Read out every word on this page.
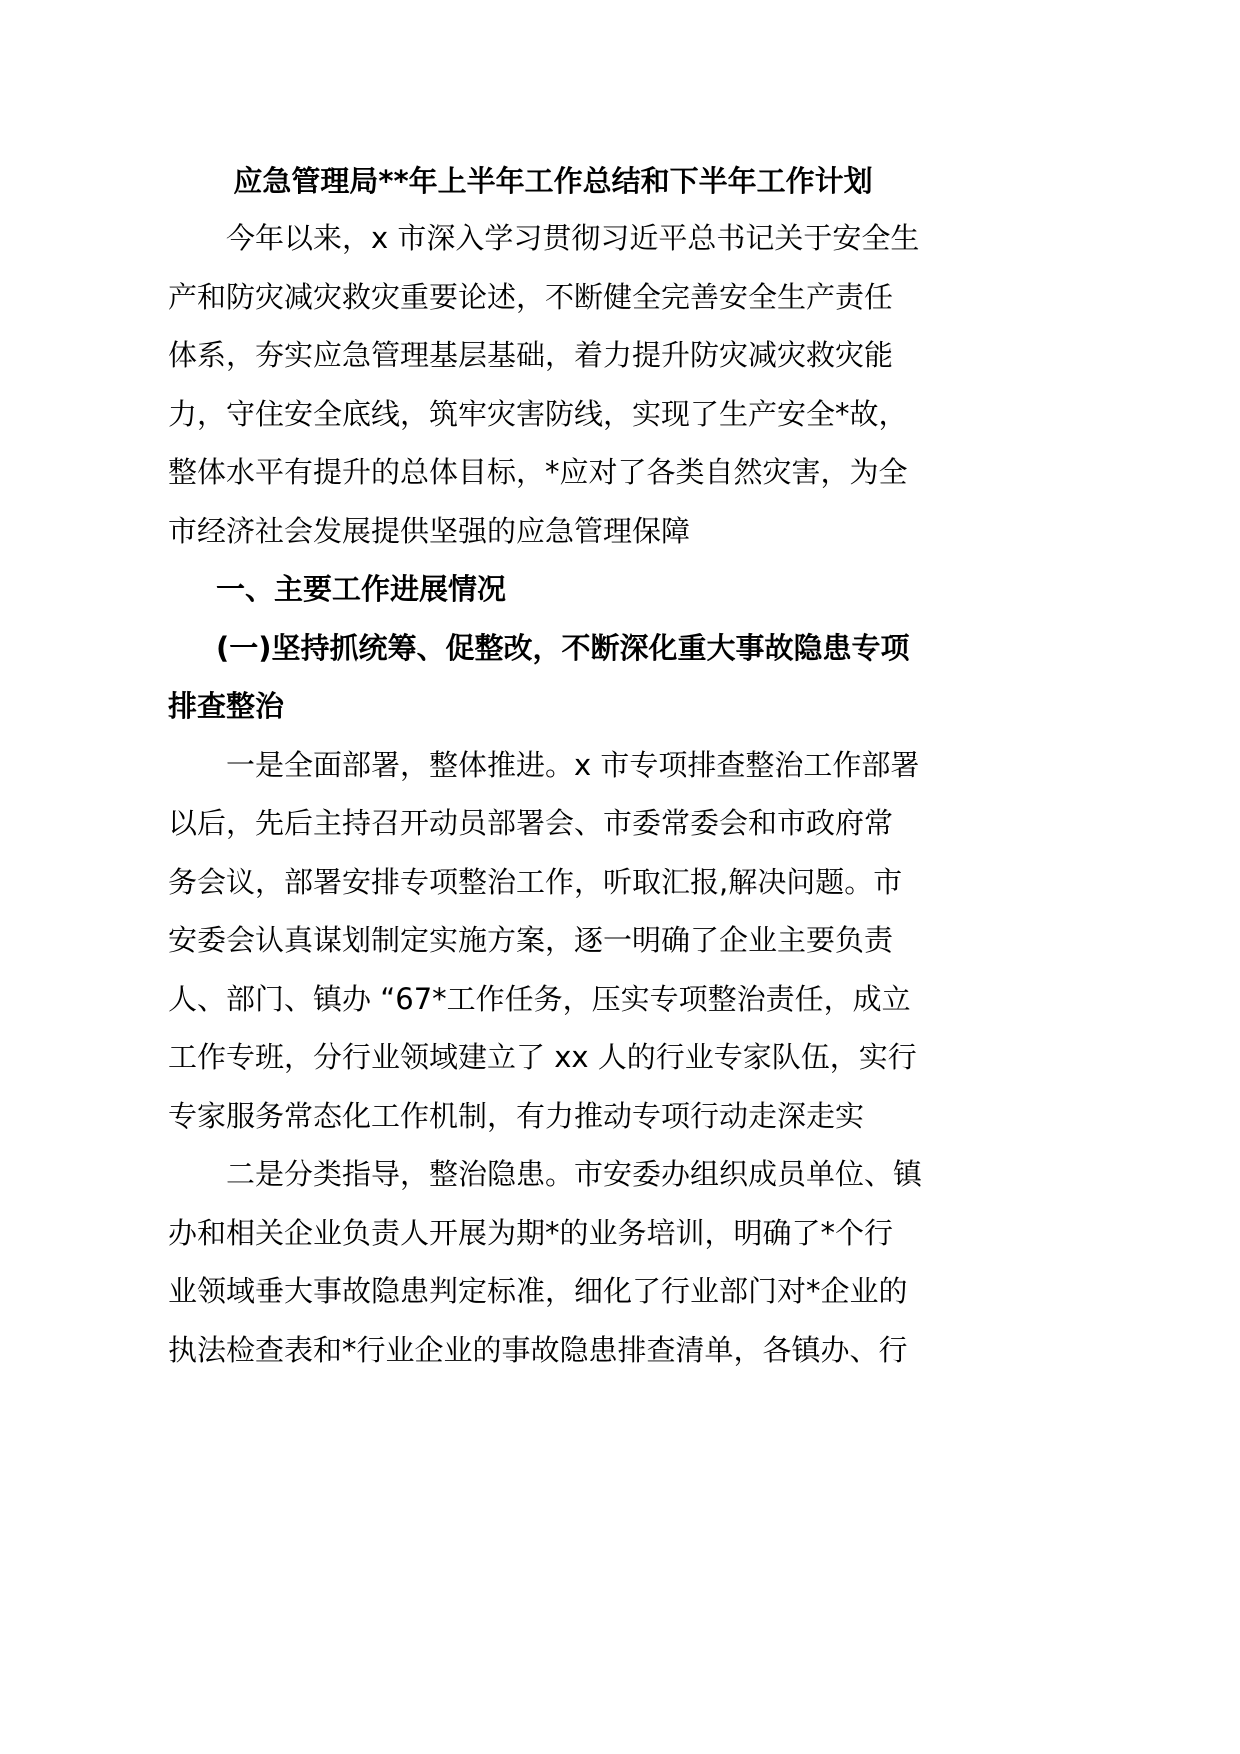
应急管理局**年上半年工作总结和下半年工作计划
今年以来，x 市深入学习贯彻习近平总书记关于安全生
产和防灾减灾救灾重要论述，不断健全完善安全生产责任
体系，夯实应急管理基层基础，着力提升防灾减灾救灾能
力，守住安全底线，筑牢灾害防线，实现了生产安全*故，
整体水平有提升的总体目标，*应对了各类自然灾害，为全
市经济社会发展提供坚强的应急管理保障
一、主要工作进展情况
(一)坚持抓统筹、促整改，不断深化重大事故隐患专项
排查整治
一是全面部署，整体推进。x 市专项排查整治工作部署
以后，先后主持召开动员部署会、市委常委会和市政府常
务会议，部署安排专项整治工作，听取汇报,解决问题。市
安委会认真谋划制定实施方案，逐一明确了企业主要负责
人、部门、镇办 “67*工作任务，压实专项整治责任，成立
工作专班，分行业领域建立了 xx 人的行业专家队伍，实行
专家服务常态化工作机制，有力推动专项行动走深走实
二是分类指导，整治隐患。市安委办组织成员单位、镇
办和相关企业负责人开展为期*的业务培训，明确了*个行
业领域垂大事故隐患判定标准，细化了行业部门对*企业的
执法检查表和*行业企业的事故隐患排查清单，各镇办、行
